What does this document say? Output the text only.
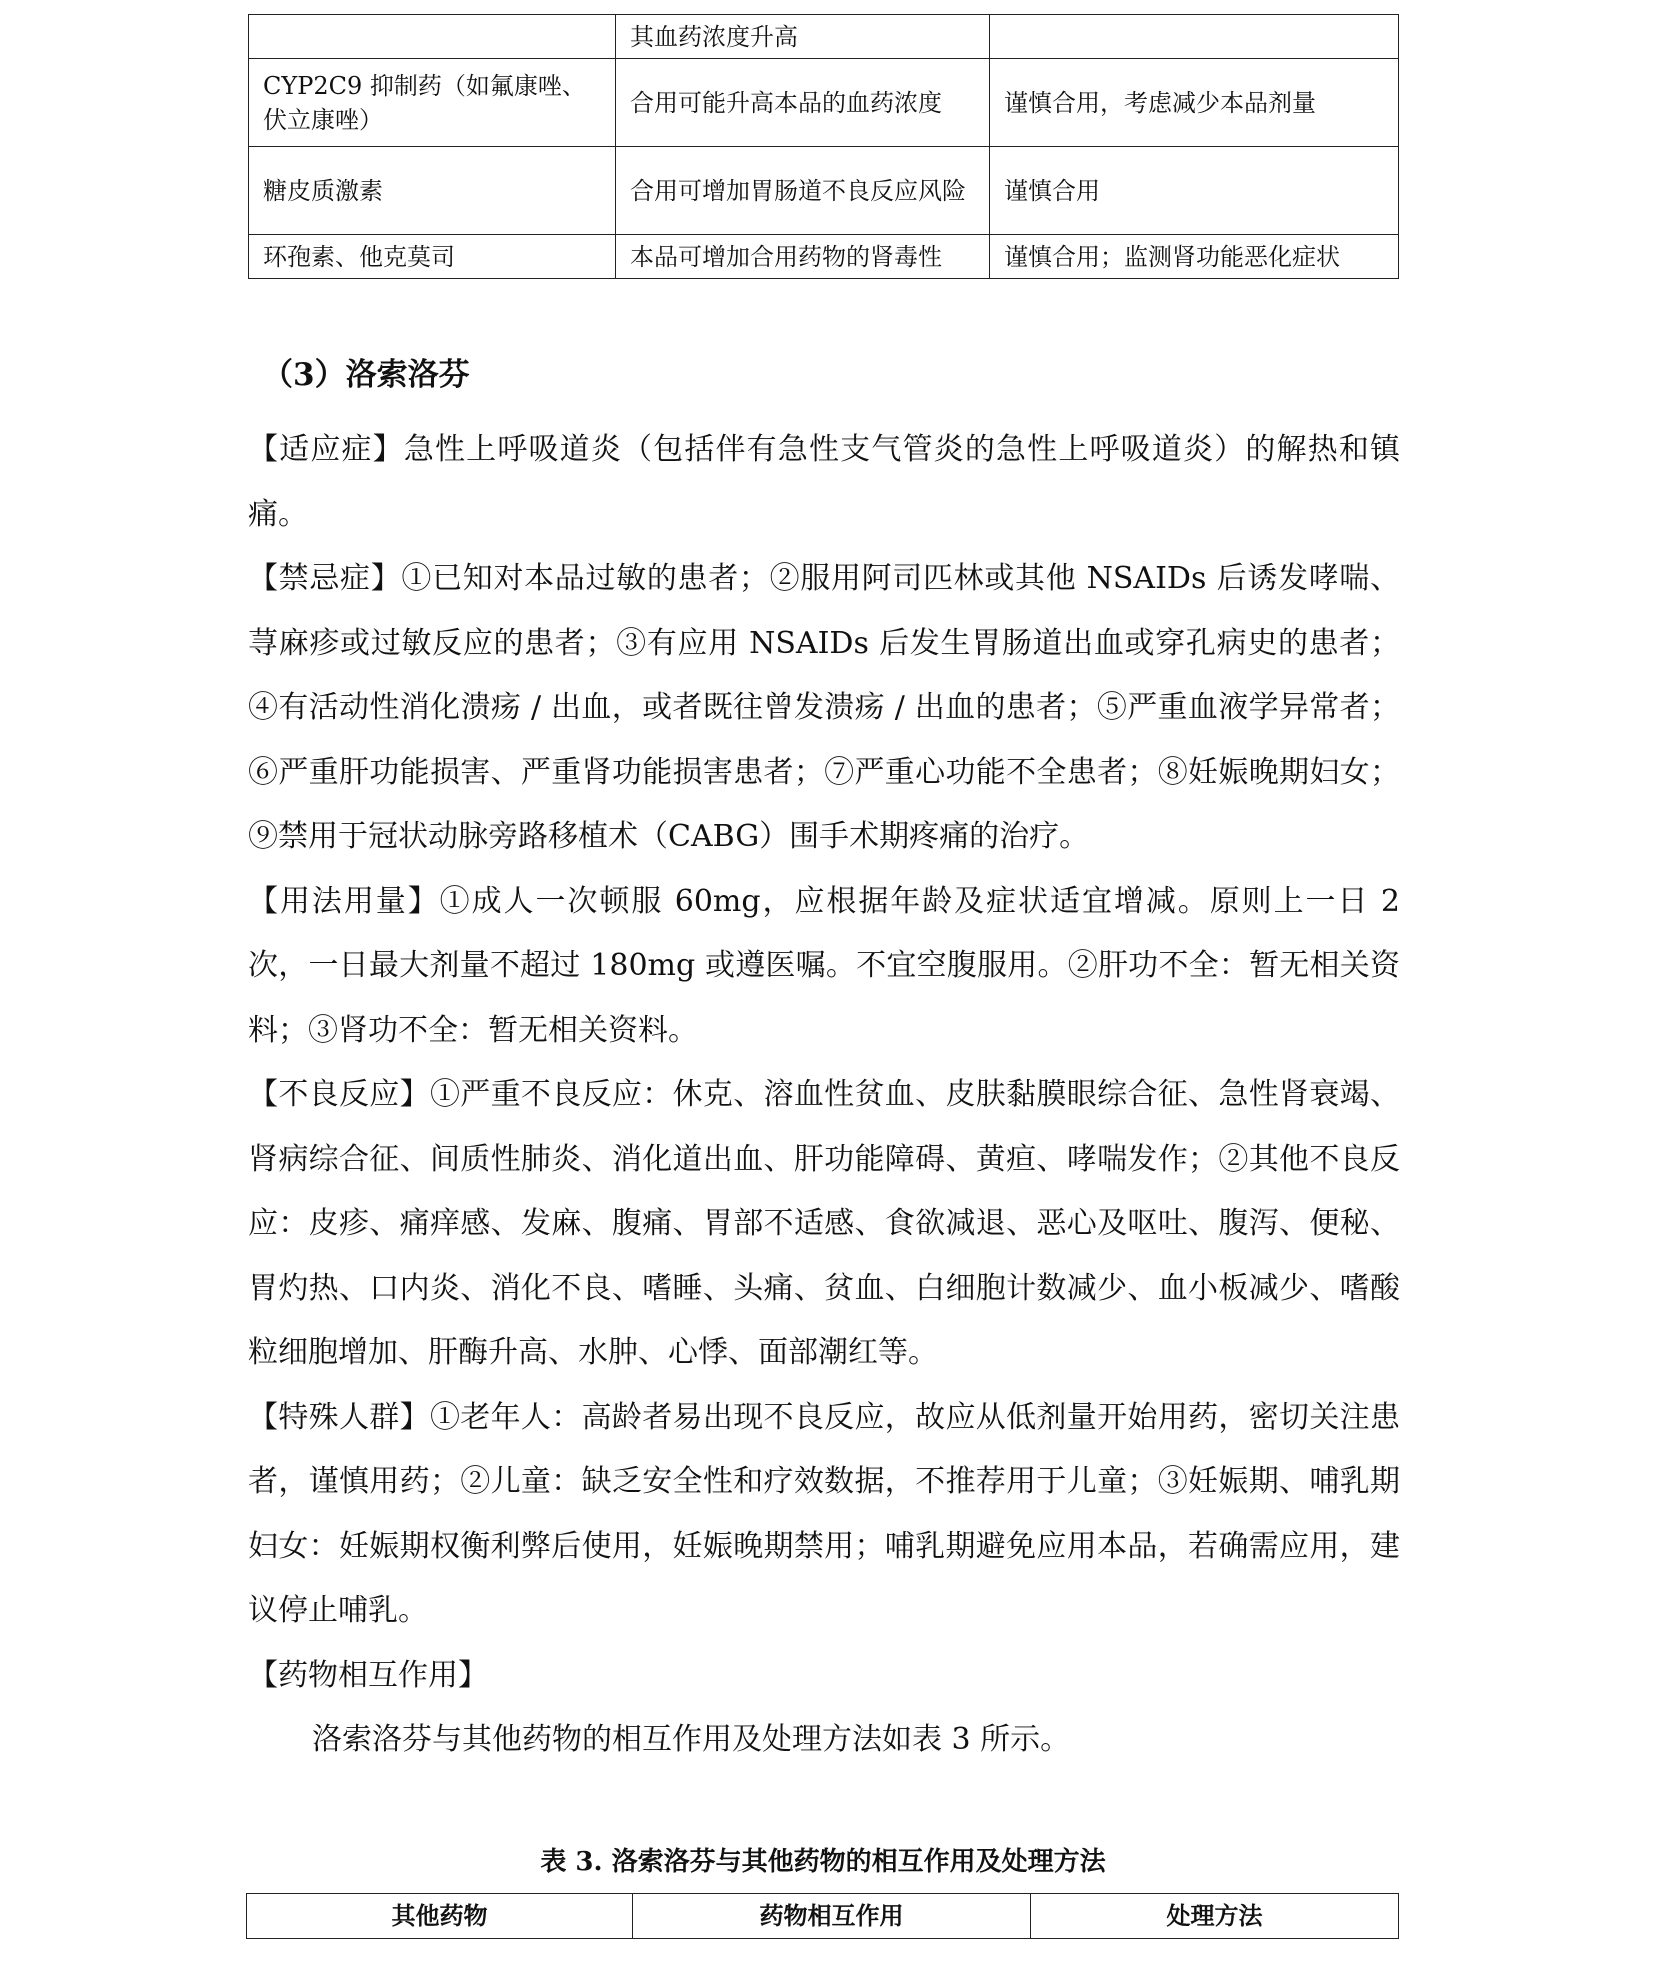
	其血药浓度升高	
CYP2C9 抑制药（如氟康唑、伏立康唑）	合用可能升高本品的血药浓度	谨慎合用，考虑减少本品剂量
糖皮质激素	合用可增加胃肠道不良反应风险	谨慎合用
环孢素、他克莫司	本品可增加合用药物的肾毒性	谨慎合用；监测肾功能恶化症状
（3）洛索洛芬

【适应症】急性上呼吸道炎（包括伴有急性支气管炎的急性上呼吸道炎）的解热和镇痛。

【禁忌症】①已知对本品过敏的患者；②服用阿司匹林或其他 NSAIDs 后诱发哮喘、荨麻疹或过敏反应的患者；③有应用 NSAIDs 后发生胃肠道出血或穿孔病史的患者；④有活动性消化溃疡 / 出血，或者既往曾发溃疡 / 出血的患者；⑤严重血液学异常者；⑥严重肝功能损害、严重肾功能损害患者；⑦严重心功能不全患者；⑧妊娠晚期妇女；⑨禁用于冠状动脉旁路移植术（CABG）围手术期疼痛的治疗。

【用法用量】①成人一次顿服 60mg，应根据年龄及症状适宜增减。原则上一日 2 次，一日最大剂量不超过 180mg 或遵医嘱。不宜空腹服用。②肝功不全：暂无相关资料；③肾功不全：暂无相关资料。

【不良反应】①严重不良反应：休克、溶血性贫血、皮肤黏膜眼综合征、急性肾衰竭、肾病综合征、间质性肺炎、消化道出血、肝功能障碍、黄疸、哮喘发作；②其他不良反应：皮疹、痛痒感、发麻、腹痛、胃部不适感、食欲减退、恶心及呕吐、腹泻、便秘、胃灼热、口内炎、消化不良、嗜睡、头痛、贫血、白细胞计数减少、血小板减少、嗜酸粒细胞增加、肝酶升高、水肿、心悸、面部潮红等。

【特殊人群】①老年人：高龄者易出现不良反应，故应从低剂量开始用药，密切关注患者，谨慎用药；②儿童：缺乏安全性和疗效数据，不推荐用于儿童；③妊娠期、哺乳期妇女：妊娠期权衡利弊后使用，妊娠晚期禁用；哺乳期避免应用本品，若确需应用，建议停止哺乳。

【药物相互作用】

洛索洛芬与其他药物的相互作用及处理方法如表 3 所示。

表 3. 洛索洛芬与其他药物的相互作用及处理方法
其他药物	药物相互作用	处理方法
